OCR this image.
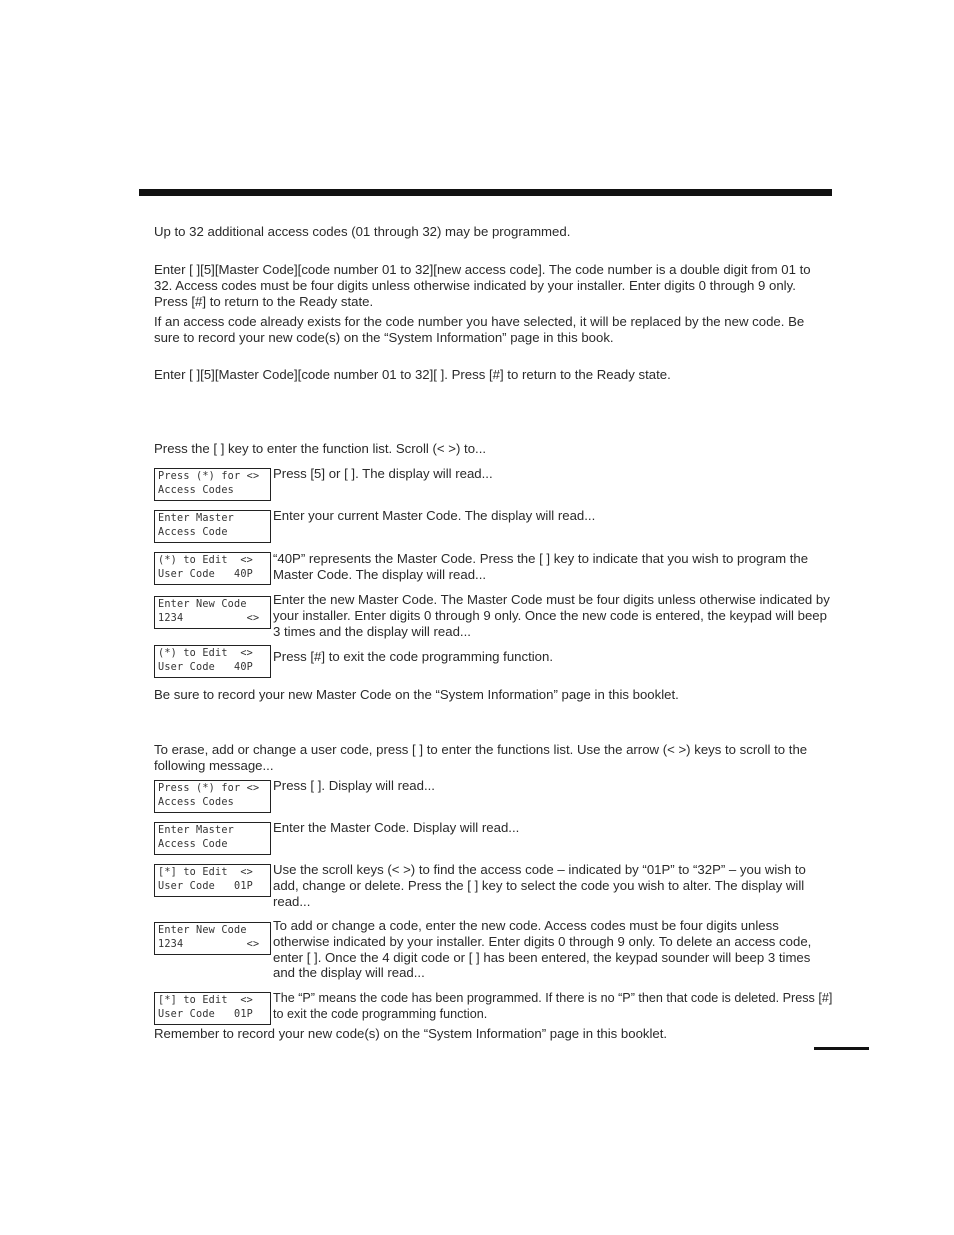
Up to 32 additional access codes (01 through 32) may be programmed.
Enter [ ][5][Master Code][code number 01 to 32][new access code]. The code number is a double digit from 01 to 32. Access codes must be four digits unless otherwise indicated by your installer. Enter digits 0 through 9 only. Press [#] to return to the Ready state.
If an access code already exists for the code number you have selected, it will be replaced by the new code. Be sure to record your new code(s) on the “System Information” page in this book.
Enter [ ][5][Master Code][code number 01 to 32][ ]. Press [#] to return to the Ready state.
Press the [ ] key to enter the function list. Scroll (< >) to...
Press (*) for <>
Access Codes
Press [5] or [ ]. The display will read...
Enter Master
Access Code
Enter your current Master Code. The display will read...
(*) to Edit  <>
User Code   40P
“40P” represents the Master Code. Press the [ ] key to indicate that you wish to program the Master Code. The display will read...
Enter New Code
1234          <>
Enter the new Master Code. The Master Code must be four digits unless otherwise indicated by your installer. Enter digits 0 through 9 only. Once the new code is entered, the keypad will beep 3 times and the display will read...
(*) to Edit  <>
User Code   40P
Press [#] to exit the code programming function.
Be sure to record your new Master Code on the “System Information” page in this booklet.
To erase, add or change a user code, press [ ] to enter the functions list. Use the arrow (< >) keys to scroll to the following message...
Press (*) for <>
Access Codes
Press [ ]. Display will read...
Enter Master
Access Code
Enter the Master Code. Display will read...
[*] to Edit  <>
User Code   01P
Use the scroll keys (< >) to find the access code – indicated by “01P” to “32P” – you wish to add, change or delete. Press the [ ] key to select the code you wish to alter. The display will read...
Enter New Code
1234          <>
To add or change a code, enter the new code. Access codes must be four digits unless otherwise indicated by your installer. Enter digits 0 through 9 only. To delete an access code, enter [ ]. Once the 4 digit code or [ ] has been entered, the keypad sounder will beep 3 times and the display will read...
[*] to Edit  <>
User Code   01P
The “P” means the code has been programmed. If there is no “P” then that code is deleted. Press [#] to exit the code programming function.
Remember to record your new code(s) on the “System Information” page in this booklet.
